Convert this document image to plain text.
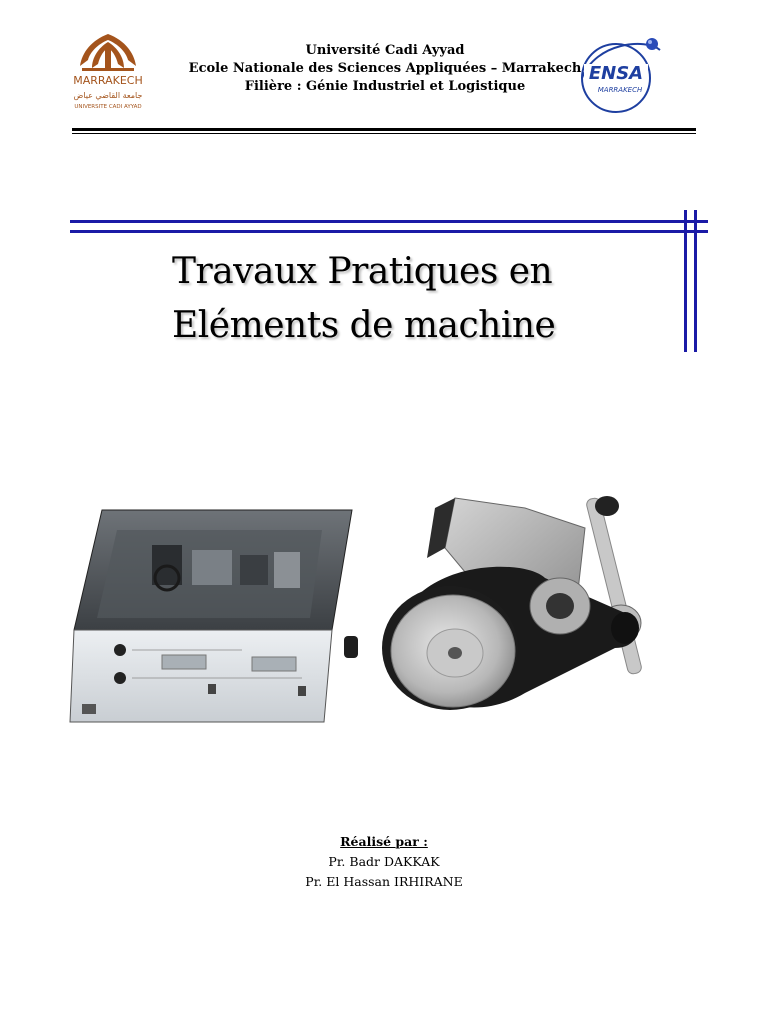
MARRAKECH
جامعة القاضي عياض
UNIVERSITE CADI AYYAD
Université Cadi Ayyad
Ecole Nationale des Sciences Appliquées – Marrakech
Filière : Génie Industriel et Logistique
ENSA
MARRAKECH
Travaux Pratiques en
Eléments de machine
Réalisé par :
Pr. Badr DAKKAK
Pr. El Hassan IRHIRANE
